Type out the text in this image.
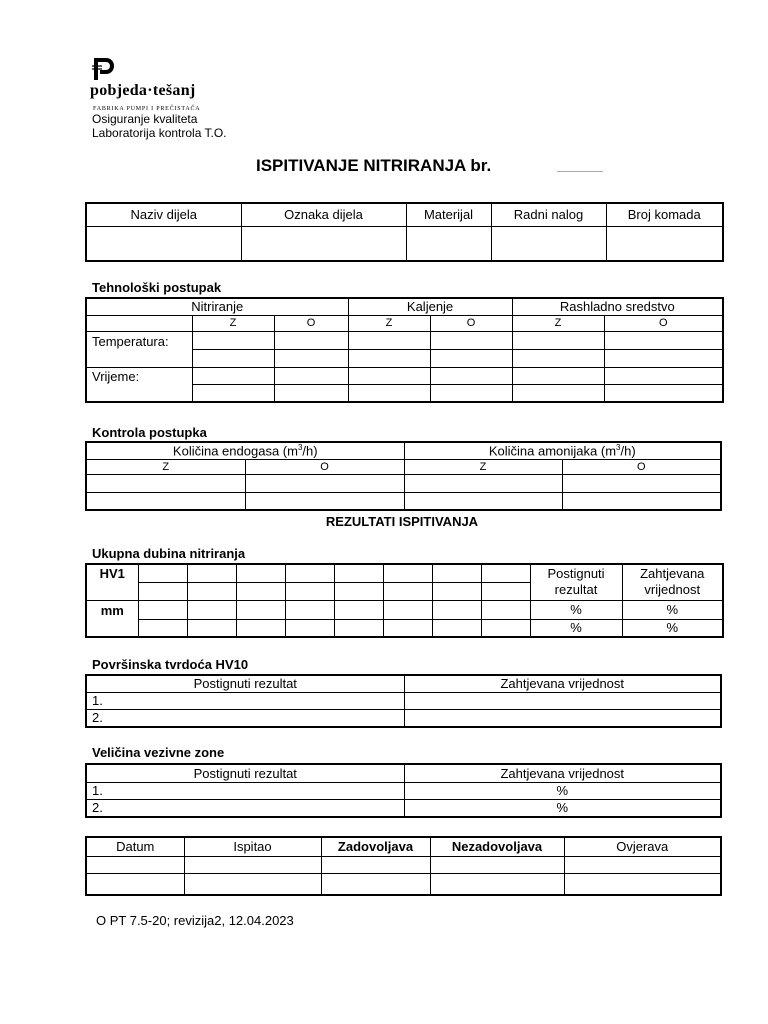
pobjeda·tešanj
FABRIKA PUMPI I PREČISTAČA
Osiguranje kvaliteta
Laboratorija kontrola T.O.
ISPITIVANJE NITRIRANJA br.
Naziv dijela	Oznaka dijela	Materijal	Radni nalog	Broj komada

Tehnološki postupak
Nitriranje			Kaljenje		Rashladno sredstvo	
	Z	O	Z	O	Z	O
Temperatura:						

Vrijeme:						

Kontrola postupka
Količina endogasa $(m^3/h)$		Količina amonijaka $(m^3/h)$	
Z	O	Z	O

REZULTATI ISPITIVANJA
Ukupna dubina nitriranja
HV1									Postignuti rezultat	Zahtjevana vrijednost

mm									%	%
									%	%
Površinska tvrdoća HV10
Postignuti rezultat	Zahtjevana vrijednost
1.	
2.	
Veličina vezivne zone
Postignuti rezultat	Zahtjevana vrijednost
1.	%
2.	%
Datum	Ispitao	Zadovoljava	Nezadovoljava	Ovjerava

O PT 7.5-20; revizija2, 12.04.2023
